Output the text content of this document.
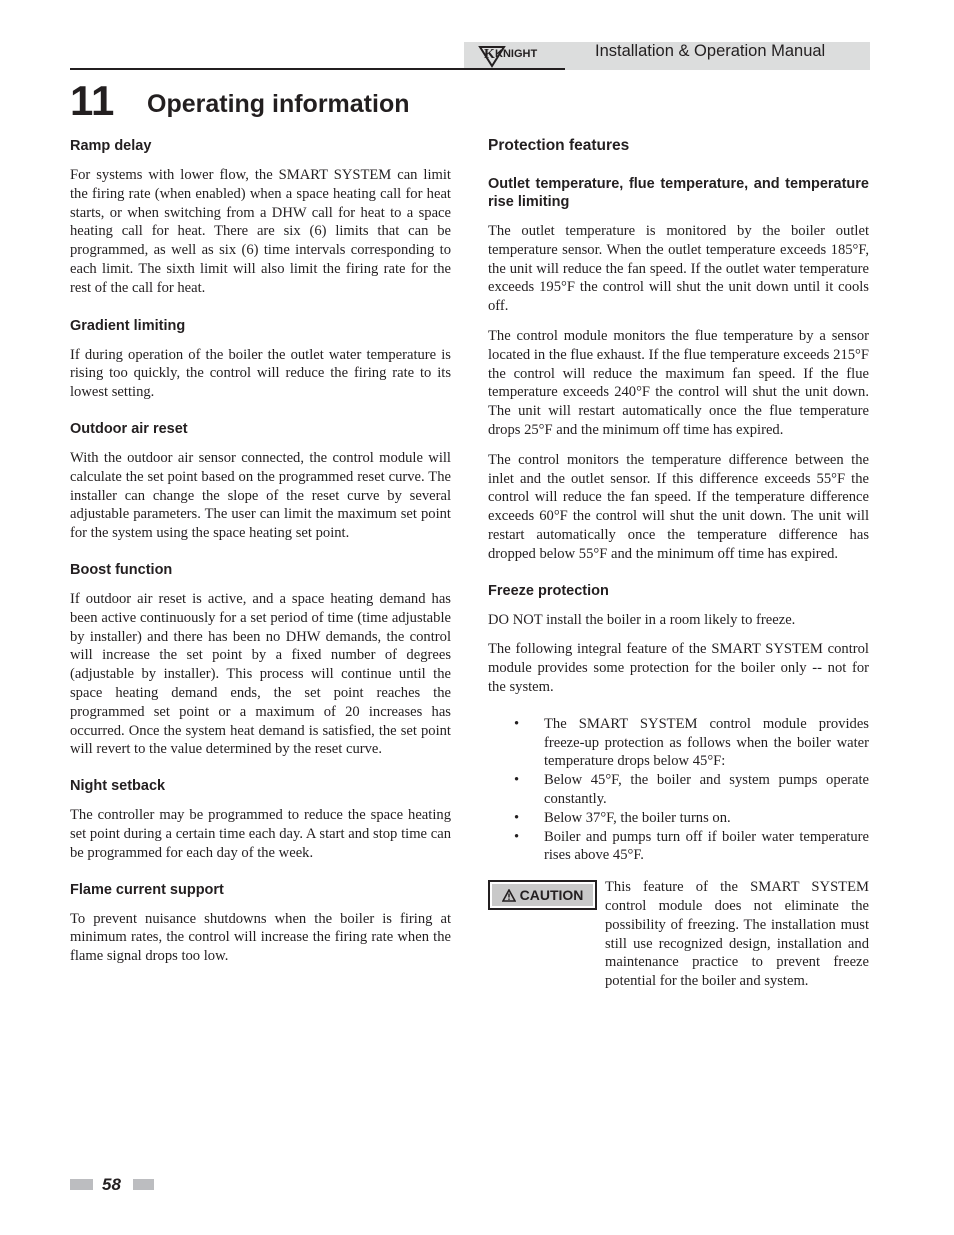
K KNIGHT	Installation & Operation Manual
11 Operating information
Ramp delay

For systems with lower flow, the SMART SYSTEM can limit the firing rate (when enabled) when a space heating call for heat starts, or when switching from a DHW call for heat to a space heating call for heat. There are six (6) limits that can be programmed, as well as six (6) time intervals corresponding to each limit. The sixth limit will also limit the firing rate for the rest of the call for heat.

Gradient limiting

If during operation of the boiler the outlet water temperature is rising too quickly, the control will reduce the firing rate to its lowest setting.

Outdoor air reset

With the outdoor air sensor connected, the control module will calculate the set point based on the programmed reset curve. The installer can change the slope of the reset curve by several adjustable parameters. The user can limit the maximum set point for the system using the space heating set point.

Boost function

If outdoor air reset is active, and a space heating demand has been active continuously for a set period of time (time adjustable by installer) and there has been no DHW demands, the control will increase the set point by a fixed number of degrees (adjustable by installer). This process will continue until the space heating demand ends, the set point reaches the programmed set point or a maximum of 20 increases has occurred. Once the system heat demand is satisfied, the set point will revert to the value determined by the reset curve.

Night setback

The controller may be programmed to reduce the space heating set point during a certain time each day. A start and stop time can be programmed for each day of the week.

Flame current support

To prevent nuisance shutdowns when the boiler is firing at minimum rates, the control will increase the firing rate when the flame signal drops too low.

Protection features
Outlet temperature, flue temperature, and temperature rise limiting

The outlet temperature is monitored by the boiler outlet temperature sensor. When the outlet temperature exceeds 185°F, the unit will reduce the fan speed. If the outlet water temperature exceeds 195°F the control will shut the unit down until it cools off.

The control module monitors the flue temperature by a sensor located in the flue exhaust. If the flue temperature exceeds 215°F the control will reduce the maximum fan speed. If the flue temperature exceeds 240°F the control will shut the unit down. The unit will restart automatically once the flue temperature drops 25°F and the minimum off time has expired.

The control monitors the temperature difference between the inlet and the outlet sensor. If this difference exceeds 55°F the control will reduce the fan speed. If the temperature difference exceeds 60°F the control will shut the unit down. The unit will restart automatically once the temperature difference has dropped below 55°F and the minimum off time has expired.

Freeze protection

DO NOT install the boiler in a room likely to freeze.

The following integral feature of the SMART SYSTEM control module provides some protection for the boiler only -- not for the system.

• The SMART SYSTEM control module provides freeze-up protection as follows when the boiler water temperature drops below 45°F:
• Below 45°F, the boiler and system pumps operate constantly.
• Below 37°F, the boiler turns on.
• Boiler and pumps turn off if boiler water temperature rises above 45°F.
CAUTION This feature of the SMART SYSTEM control module does not eliminate the possibility of freezing. The installation must still use recognized design, installation and maintenance practice to prevent freeze potential for the boiler and system.

58
